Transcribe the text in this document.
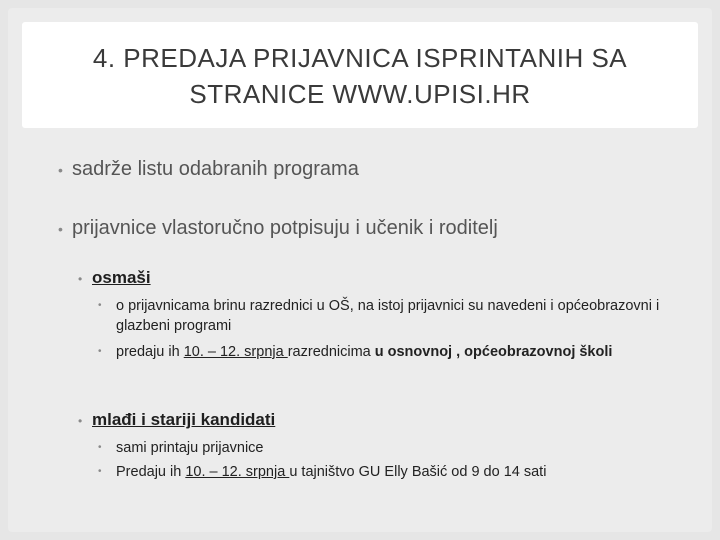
4. PREDAJA PRIJAVNICA ISPRINTANIH SA
STRANICE WWW.UPISI.HR
• sadrže listu odabranih programa
• prijavnice vlastoručno potpisuju i učenik i roditelj
• osmaši
• o prijavnicama brinu razrednici u OŠ, na istoj prijavnici su navedeni i općeobrazovni i glazbeni programi
• predaju ih 10. – 12. srpnja razrednicima u osnovnoj , općeobrazovnoj školi
• mlađi i stariji kandidati
• sami printaju prijavnice
• Predaju ih 10. – 12. srpnja u tajništvo GU Elly Bašić od 9 do 14 sati
